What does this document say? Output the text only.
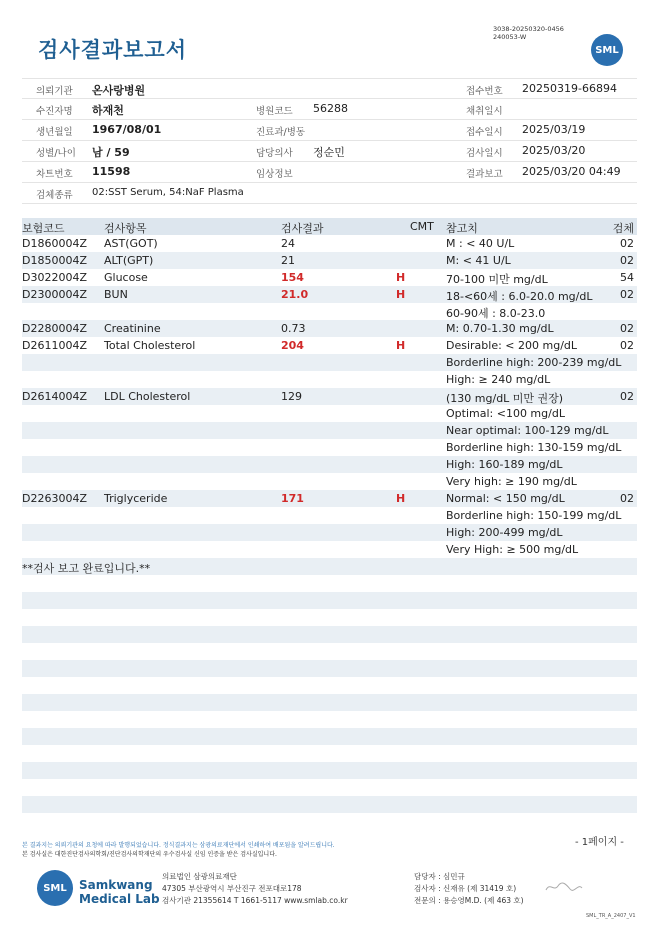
검사결과보고서
3038-20250320-0456
240053-W
SML
의뢰기관 온사랑병원	접수번호 20250319-66894
수진자명 하재천	병원코드 56288	채취일시
생년월일 1967/08/01	진료과/병동	접수일시 2025/03/19
성별/나이 남 / 59	담당의사 정순민	검사일시 2025/03/20
차트번호 11598	임상정보	결과보고 2025/03/20 04:49
검체종류 02:SST Serum, 54:NaF Plasma
보험코드	검사항목	검사결과	CMT 참고치	검체
D1860004Z AST(GOT)	24	M : < 40 U/L	02
D1850004Z ALT(GPT)	21	M: < 41 U/L	02
D3022004Z Glucose	154	H	70-100 미만 mg/dL	54
D2300004Z BUN	21.0	H	18-<60세 : 6.0-20.0 mg/dL	02
60-90세 : 8.0-23.0
D2280004Z Creatinine	0.73	M: 0.70-1.30 mg/dL	02
D2611004Z Total Cholesterol	204	H	Desirable: < 200 mg/dL	02
Borderline high: 200-239 mg/dL
High: ≥ 240 mg/dL
D2614004Z LDL Cholesterol	129	(130 mg/dL 미만 권장)	02
Optimal: <100 mg/dL
Near optimal: 100-129 mg/dL
Borderline high: 130-159 mg/dL
High: 160-189 mg/dL
Very high: ≥ 190 mg/dL
D2263004Z Triglyceride	171	H	Normal: < 150 mg/dL	02
Borderline high: 150-199 mg/dL
High: 200-499 mg/dL
Very High: ≥ 500 mg/dL
**검사 보고 완료입니다.**
- 1페이지 -
본 결과지는 의뢰기관의 요청에 따라 발행되었습니다. 정식결과지는 삼광의료재단에서 인쇄하여 배포됨을 알려드립니다.
본 검사실은 대한진단검사의학회/진단검사의학재단의 우수검사실 신임 인증을 받은 검사실입니다.
SML	Samkwang
Medical Lab
의료법인 삼광의료재단
47305 부산광역시 부산진구 전포대로178
검사기관 21355614 T 1661-5117 www.smlab.co.kr
담당자 : 심민규
검사자 : 신재유 (제 31419 호)
전문의 : 용승영M.D. (제 463 호)
SML_TR_A_2407_V1
